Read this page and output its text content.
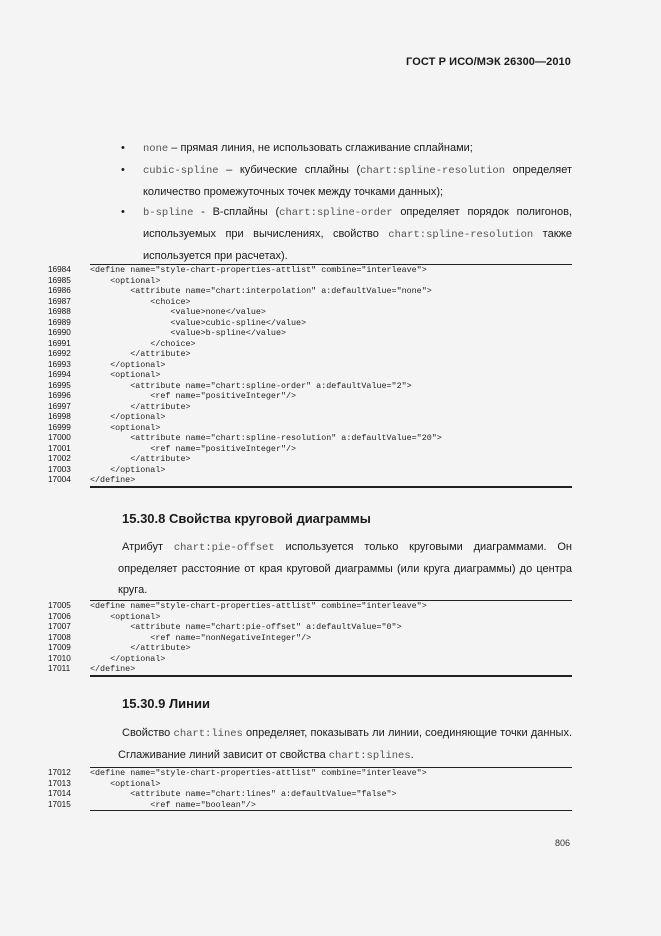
ГОСТ Р ИСО/МЭК 26300—2010
• none – прямая линия, не использовать сглаживание сплайнами;
• cubic-spline – кубические сплайны (chart:spline-resolution определяет количество промежуточных точек между точками данных);
• b-spline - B-сплайны (chart:spline-order определяет порядок полигонов, используемых при вычислениях, свойство chart:spline-resolution также используется при расчетах).
16984	<define name="style-chart-properties-attlist" combine="interleave">
16985	<optional>
16986	<attribute name="chart:interpolation" a:defaultValue="none">
16987	<choice>
16988	<value>none</value>
16989	<value>cubic-spline</value>
16990	<value>b-spline</value>
16991	</choice>
16992	</attribute>
16993	</optional>
16994	<optional>
16995	<attribute name="chart:spline-order" a:defaultValue="2">
16996	<ref name="positiveInteger"/>
16997	</attribute>
16998	</optional>
16999	<optional>
17000	<attribute name="chart:spline-resolution" a:defaultValue="20">
17001	<ref name="positiveInteger"/>
17002	</attribute>
17003	</optional>
17004	</define>
15.30.8 Свойства круговой диаграммы
Атрибут chart:pie-offset используется только круговыми диаграммами. Он определяет расстояние от края круговой диаграммы (или круга диаграммы) до центра круга.
17005	<define name="style-chart-properties-attlist" combine="interleave">
17006	<optional>
17007	<attribute name="chart:pie-offset" a:defaultValue="0">
17008	<ref name="nonNegativeInteger"/>
17009	</attribute>
17010	</optional>
17011	</define>
15.30.9 Линии
Свойство chart:lines определяет, показывать ли линии, соединяющие точки данных. Сглаживание линий зависит от свойства chart:splines.
17012	<define name="style-chart-properties-attlist" combine="interleave">
17013	<optional>
17014	<attribute name="chart:lines" a:defaultValue="false">
17015	<ref name="boolean"/>
806
